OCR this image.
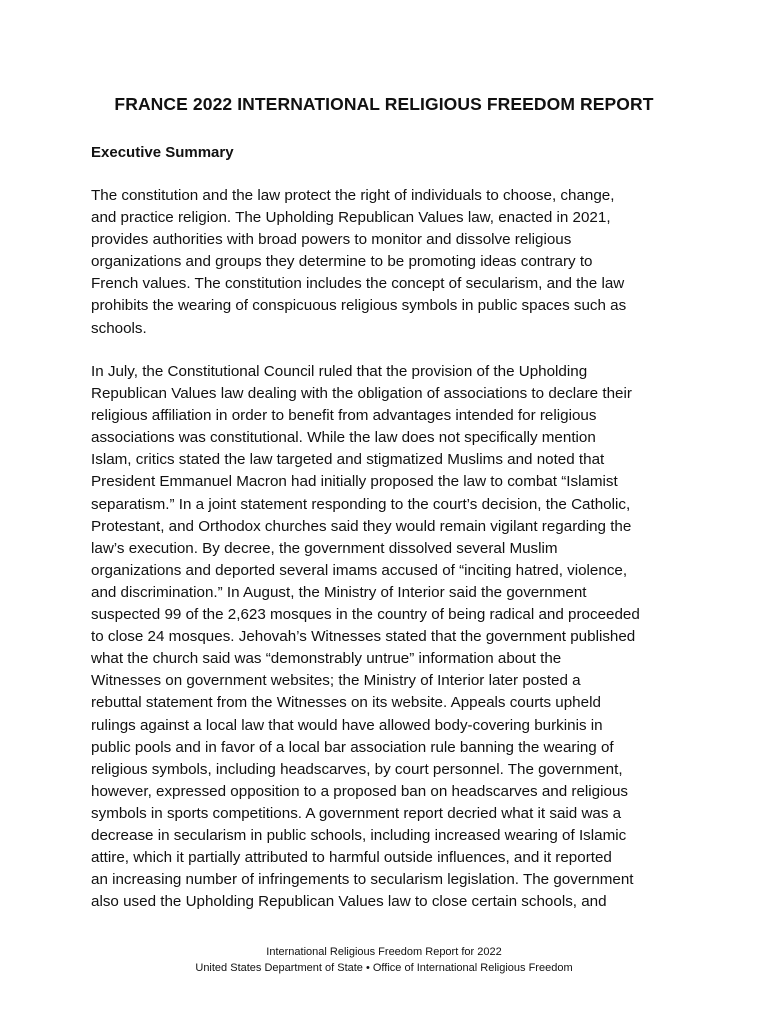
FRANCE 2022 INTERNATIONAL RELIGIOUS FREEDOM REPORT
Executive Summary
The constitution and the law protect the right of individuals to choose, change,
and practice religion. The Upholding Republican Values law, enacted in 2021,
provides authorities with broad powers to monitor and dissolve religious
organizations and groups they determine to be promoting ideas contrary to
French values. The constitution includes the concept of secularism, and the law
prohibits the wearing of conspicuous religious symbols in public spaces such as
schools.
In July, the Constitutional Council ruled that the provision of the Upholding
Republican Values law dealing with the obligation of associations to declare their
religious affiliation in order to benefit from advantages intended for religious
associations was constitutional. While the law does not specifically mention
Islam, critics stated the law targeted and stigmatized Muslims and noted that
President Emmanuel Macron had initially proposed the law to combat “Islamist
separatism.” In a joint statement responding to the court’s decision, the Catholic,
Protestant, and Orthodox churches said they would remain vigilant regarding the
law’s execution. By decree, the government dissolved several Muslim
organizations and deported several imams accused of “inciting hatred, violence,
and discrimination.” In August, the Ministry of Interior said the government
suspected 99 of the 2,623 mosques in the country of being radical and proceeded
to close 24 mosques. Jehovah’s Witnesses stated that the government published
what the church said was “demonstrably untrue” information about the
Witnesses on government websites; the Ministry of Interior later posted a
rebuttal statement from the Witnesses on its website. Appeals courts upheld
rulings against a local law that would have allowed body-covering burkinis in
public pools and in favor of a local bar association rule banning the wearing of
religious symbols, including headscarves, by court personnel. The government,
however, expressed opposition to a proposed ban on headscarves and religious
symbols in sports competitions. A government report decried what it said was a
decrease in secularism in public schools, including increased wearing of Islamic
attire, which it partially attributed to harmful outside influences, and it reported
an increasing number of infringements to secularism legislation. The government
also used the Upholding Republican Values law to close certain schools, and
International Religious Freedom Report for 2022
United States Department of State • Office of International Religious Freedom
